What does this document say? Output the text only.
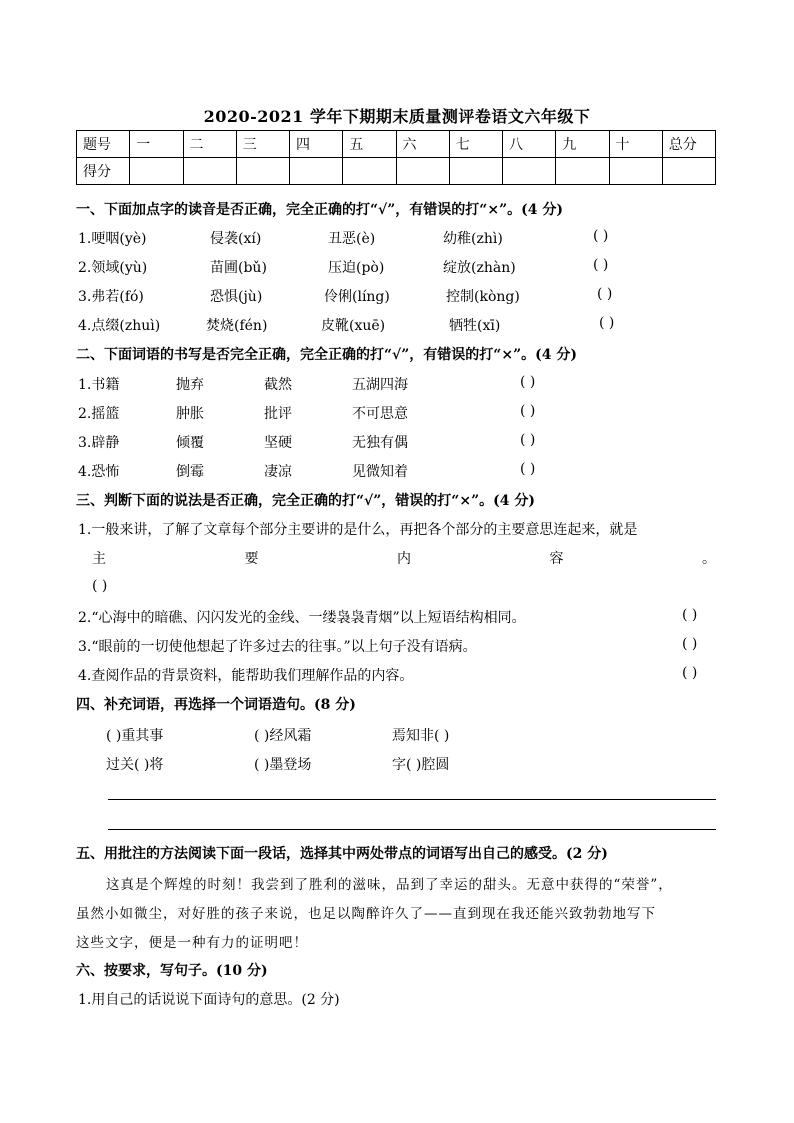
2020-2021 学年下期期末质量测评卷语文六年级下
题号	一	二	三	四	五	六	七	八	九	十	总分
得分											
一、下面加点字的读音是否正确，完全正确的打“√”，有错误的打“×”。(4 分)
1.哽咽(yè)	侵袭(xí)	丑恶(è)	幼稚(zhì)	( )
2.领域(yù)	苗圃(bǔ)	压迫(pò)	绽放(zhàn)	( )
3.弗若(fó)	恐惧(jù)	伶俐(líng)	控制(kòng)	( )
4.点缀(zhuì)	焚烧(fén)	皮靴(xuē)	牺牲(xī)	( )
二、下面词语的书写是否完全正确，完全正确的打“√”，有错误的打“×”。(4 分)
1.书籍	抛弃	截然	五湖四海	( )
2.摇篮	肿胀	批评	不可思意	( )
3.辟静	倾覆	坚硬	无独有偶	( )
4.恐怖	倒霉	凄凉	见微知着	( )
三、判断下面的说法是否正确，完全正确的打“√”，错误的打“×”。(4 分)
1.一般来讲，了解了文章每个部分主要讲的是什么，再把各个部分的主要意思连起来，就是
主	要	内	容	。
( )
2.“心海中的暗礁、闪闪发光的金线、一缕袅袅青烟”以上短语结构相同。	( )
3.“眼前的一切使他想起了许多过去的往事。”以上句子没有语病。	( )
4.查阅作品的背景资料，能帮助我们理解作品的内容。	( )
四、补充词语，再选择一个词语造句。(8 分)
( )重其事	( )经风霜	焉知非( )
过关( )将	( )墨登场	字( )腔圆
五、用批注的方法阅读下面一段话，选择其中两处带点的词语写出自己的感受。(2 分)
这真是个辉煌的时刻！我尝到了胜利的滋味，品到了幸运的甜头。无意中获得的“荣誉”，
虽然小如微尘，对好胜的孩子来说，也足以陶醉许久了——直到现在我还能兴致勃勃地写下
这些文字，便是一种有力的证明吧！
六、按要求，写句子。(10 分)
1.用自己的话说说下面诗句的意思。(2 分)
